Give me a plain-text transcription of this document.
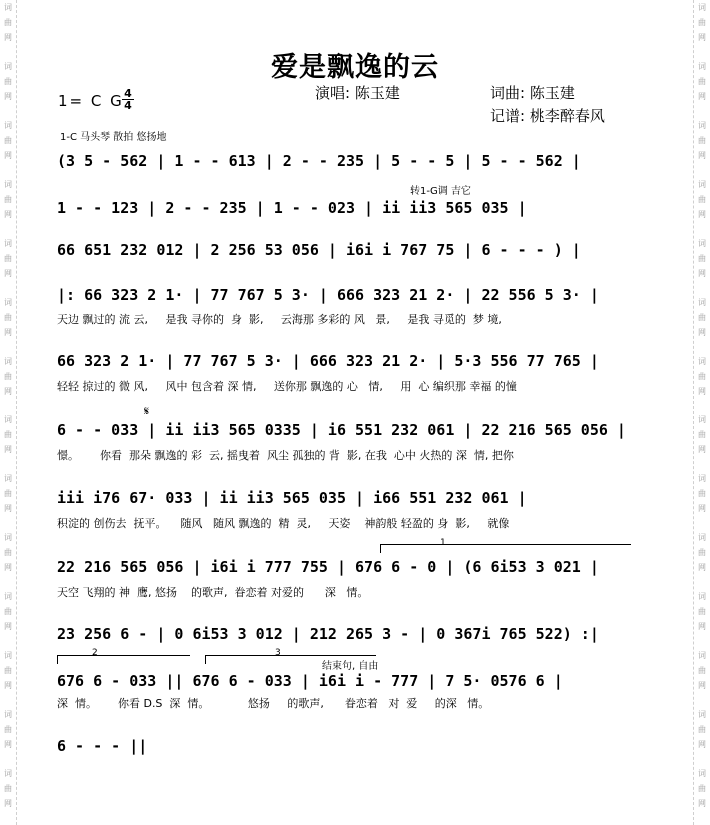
词
曲
网
词
曲
网
词
曲
网
词
曲
网
词
曲
网
词
曲
网
词
曲
网
词
曲
网
词
曲
网
词
曲
网
词
曲
网
词
曲
网
词
曲
网
词
曲
网
词
曲
网
词
曲
网
词
曲
网
词
曲
网
词
曲
网
词
曲
网
词
曲
网
词
曲
网
词
曲
网
词
曲
网
词
曲
网
词
曲
网
词
曲
网
词
曲
网
爱是飘逸的云
演唱: 陈玉建	词曲: 陈玉建
记谱: 桃李醉春风
1= C G 4
4
1-C 马头琴 散拍 悠扬地
转1-G调 吉它
结束句, 自由
𝄋
1
2	3
(3 5 - 562 | 1 - - 613 | 2 - - 235 | 5 - - 5 | 5 - - 562 |
1 - - 123 | 2 - - 235 | 1 - - 023 | ii ii3 565 035 |
66 651 232 012 | 2 256 53 056 | i6i i 767 75 | 6 - - - ) |
|: 66 323 2 1· | 77 767 5 3· | 666 323 21 2· | 22 556 5 3· |
天边 飘过的 流 云,     是我 寻你的  身  影,     云海那 多彩的 风   景,     是我 寻觅的  梦 境,
66 323 2 1· | 77 767 5 3· | 666 323 21 2· | 5·3 556 77 765 |
轻轻 掠过的 微 风,     风中 包含着 深 情,     送你那 飘逸的 心   情,     用  心 编织那 幸福 的憧
6 - - 033 | ii ii3 565 0335 | i6 551 232 061 | 22 216 565 056 |
憬。      你看  那朵 飘逸的 彩  云, 摇曳着  风尘 孤独的 背  影, 在我  心中 火热的 深  情, 把你
iii i76 67· 033 | ii ii3 565 035 | i66 551 232 061 |
积淀的 创伤去  抚平。    随风   随风 飘逸的  精  灵,     天姿    神韵般 轻盈的 身  影,     就像
22 216 565 056 | i6i i 777 755 | 676 6 - 0 | (6 6i53 3 021 |
天空 飞翔的 神  鹰, 悠扬    的歌声,  眷恋着 对爱的      深   情。
23 256 6 - | 0 6i53 3 012 | 212 265 3 - | 0 367i 765 522) :|
676 6 - 033 || 676 6 - 033 | i6i i - 777 | 7 5· 0576 6 |
深  情。      你看 D.S  深  情。           悠扬     的歌声,      眷恋着   对  爱     的深   情。
6 - - - ||
